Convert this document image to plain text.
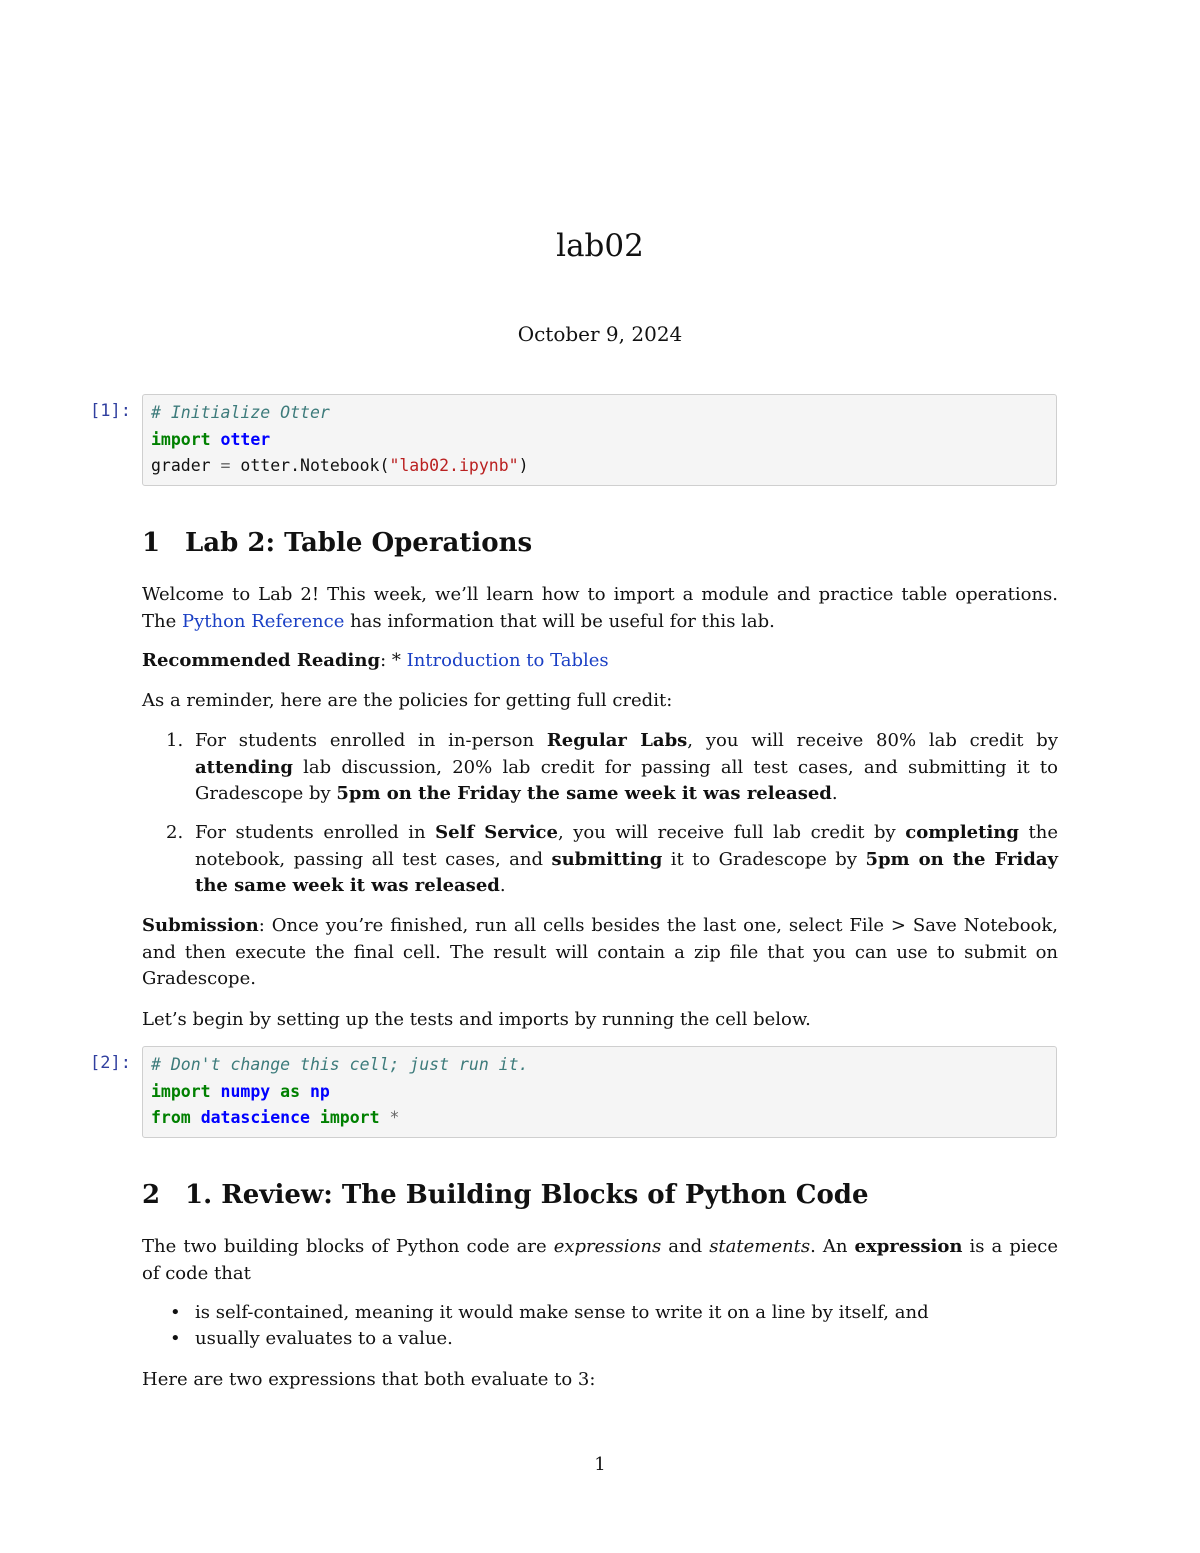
lab02
October 9, 2024
[1]:	# Initialize Otter
import otter
grader = otter.Notebook("lab02.ipynb")
1 Lab 2: Table Operations
Welcome to Lab 2! This week, we’ll learn how to import a module and practice table operations. The Python Reference has information that will be useful for this lab.
Recommended Reading: * Introduction to Tables
As a reminder, here are the policies for getting full credit:
1. For students enrolled in in-person Regular Labs, you will receive 80% lab credit by attending lab discussion, 20% lab credit for passing all test cases, and submitting it to Gradescope by 5pm on the Friday the same week it was released.
2. For students enrolled in Self Service, you will receive full lab credit by completing the notebook, passing all test cases, and submitting it to Gradescope by 5pm on the Friday the same week it was released.
Submission: Once you’re finished, run all cells besides the last one, select File > Save Notebook, and then execute the final cell. The result will contain a zip file that you can use to submit on Gradescope.
Let’s begin by setting up the tests and imports by running the cell below.
[2]:	# Don't change this cell; just run it.
import numpy as np
from datascience import *
2 1. Review: The Building Blocks of Python Code
The two building blocks of Python code are expressions and statements. An expression is a piece of code that
• is self-contained, meaning it would make sense to write it on a line by itself, and
• usually evaluates to a value.
Here are two expressions that both evaluate to 3:
1
